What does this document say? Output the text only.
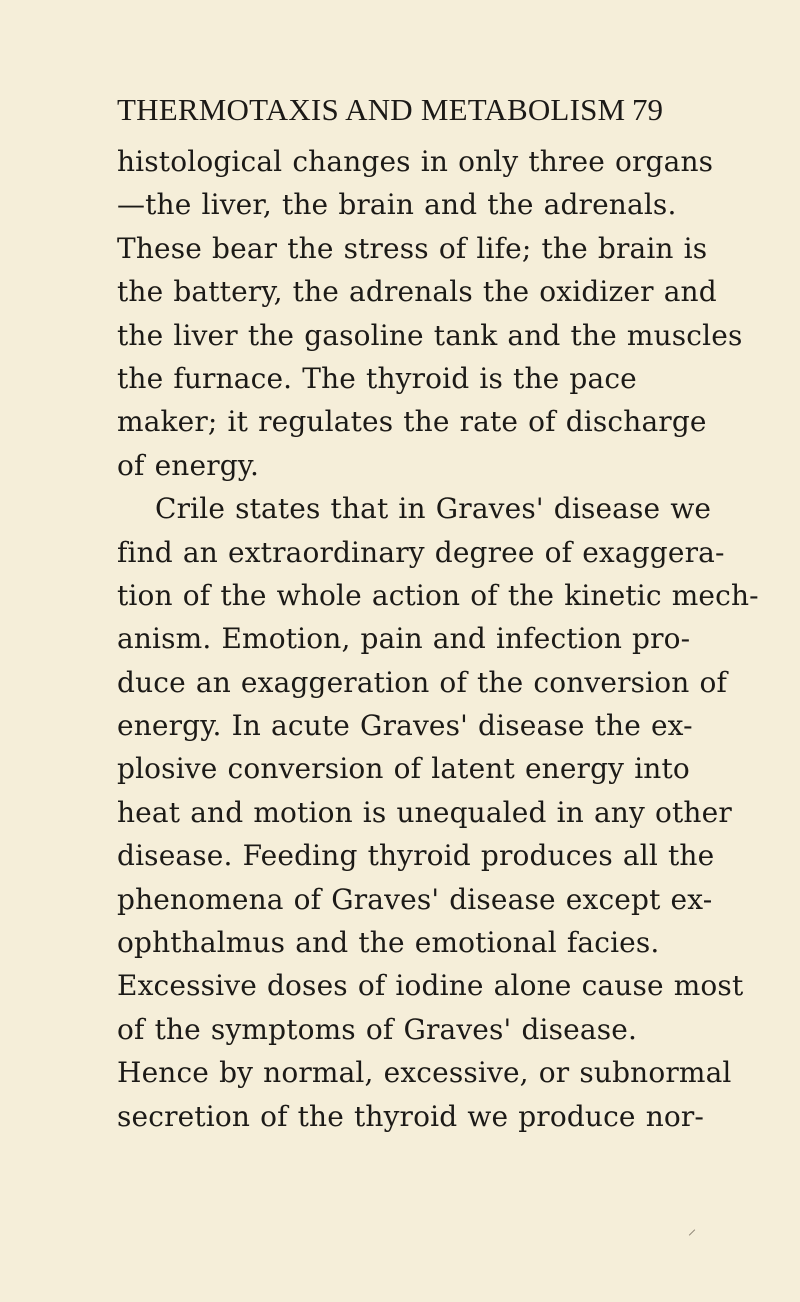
THERMOTAXIS AND METABOLISM 79
histological changes in only three organs
—the liver, the brain and the adrenals.
These bear the stress of life; the brain is
the battery, the adrenals the oxidizer and
the liver the gasoline tank and the muscles
the furnace. The thyroid is the pace
maker; it regulates the rate of discharge
of energy.
Crile states that in Graves' disease we
find an extraordinary degree of exaggera-
tion of the whole action of the kinetic mech-
anism. Emotion, pain and infection pro-
duce an exaggeration of the conversion of
energy. In acute Graves' disease the ex-
plosive conversion of latent energy into
heat and motion is unequaled in any other
disease. Feeding thyroid produces all the
phenomena of Graves' disease except ex-
ophthalmus and the emotional facies.
Excessive doses of iodine alone cause most
of the symptoms of Graves' disease.
Hence by normal, excessive, or subnormal
secretion of the thyroid we produce nor-
